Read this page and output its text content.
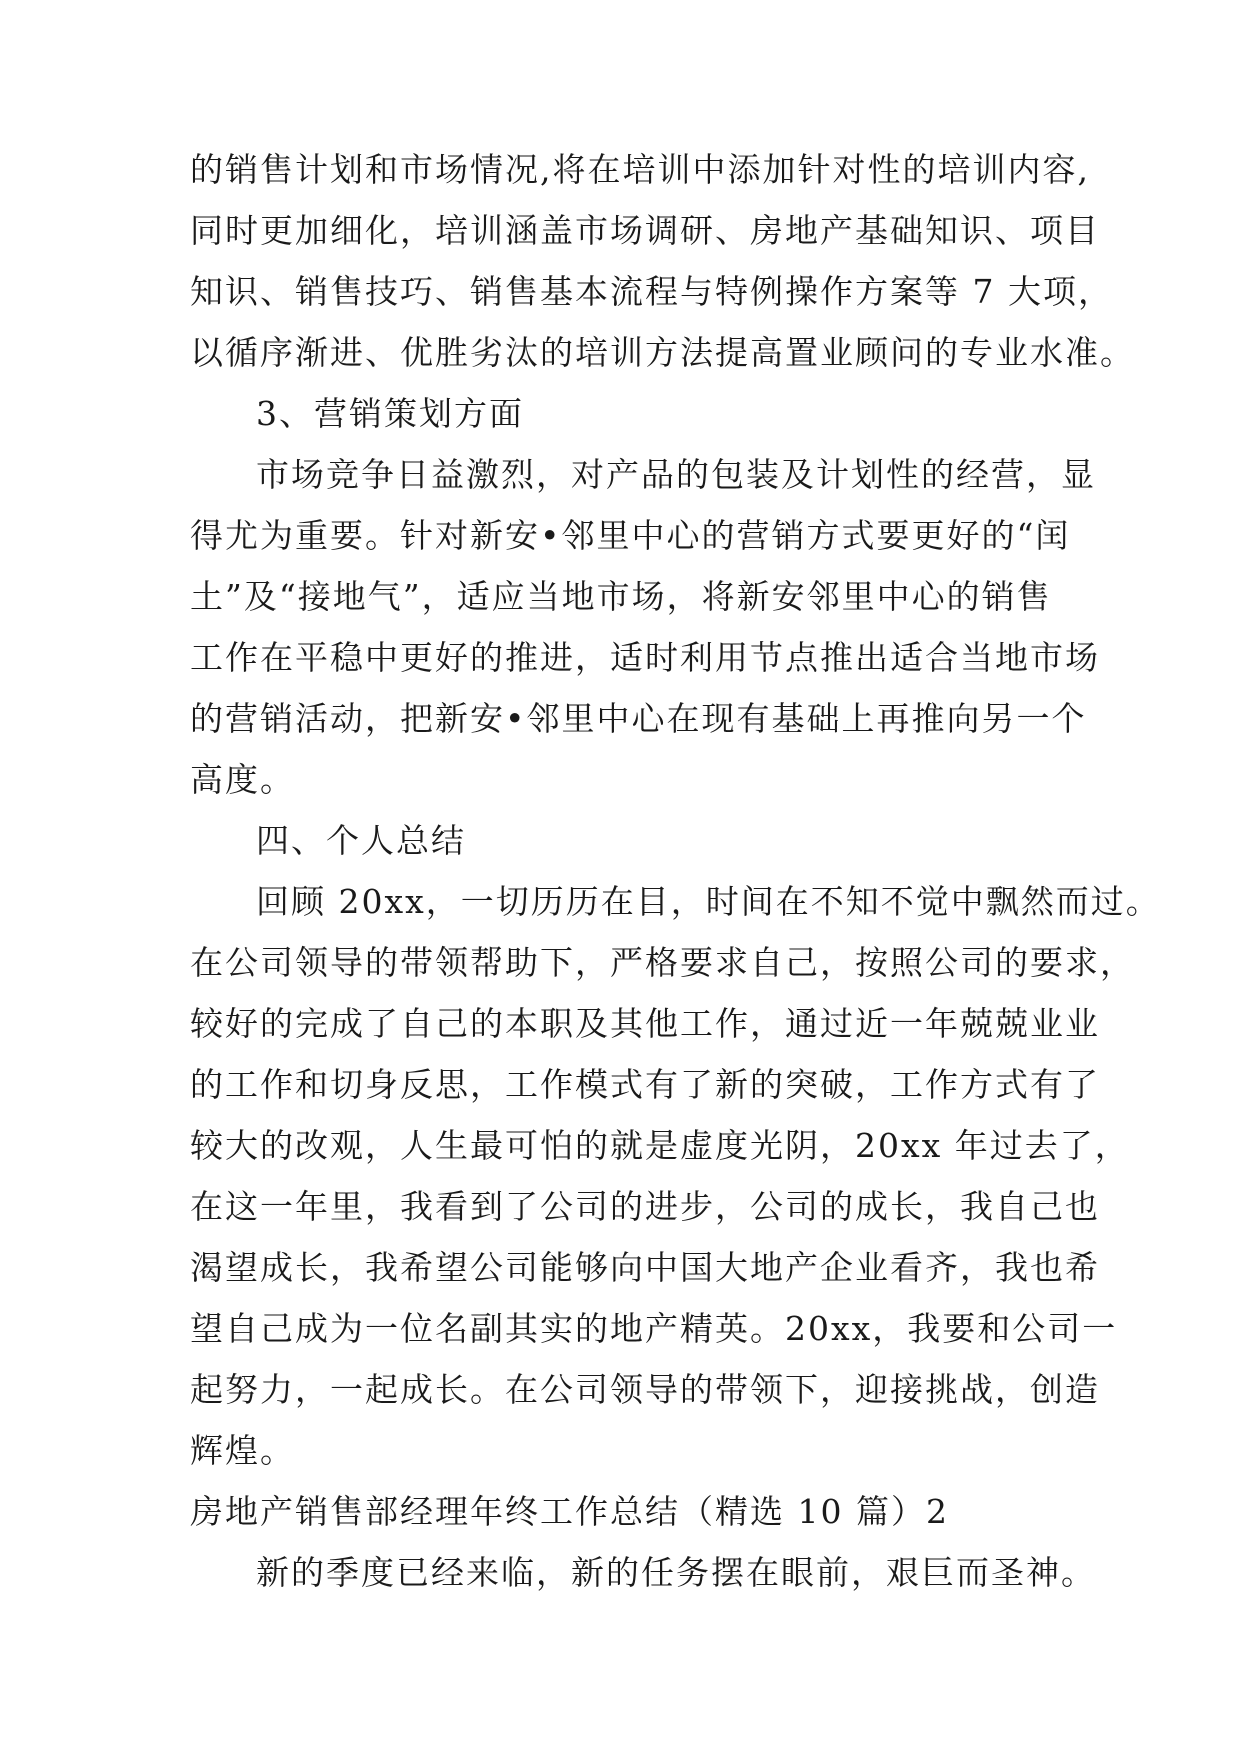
的销售计划和市场情况,将在培训中添加针对性的培训内容,
同时更加细化，培训涵盖市场调研、房地产基础知识、项目
知识、销售技巧、销售基本流程与特例操作方案等 7 大项，
以循序渐进、优胜劣汰的培训方法提高置业顾问的专业水准。
3、营销策划方面
市场竞争日益激烈，对产品的包装及计划性的经营，显
得尤为重要。针对新安•邻里中心的营销方式要更好的“闰
土”及“接地气”，适应当地市场，将新安邻里中心的销售
工作在平稳中更好的推进，适时利用节点推出适合当地市场
的营销活动，把新安•邻里中心在现有基础上再推向另一个
高度。
四、个人总结
回顾 20xx，一切历历在目，时间在不知不觉中飘然而过。
在公司领导的带领帮助下，严格要求自己，按照公司的要求，
较好的完成了自己的本职及其他工作，通过近一年兢兢业业
的工作和切身反思，工作模式有了新的突破，工作方式有了
较大的改观，人生最可怕的就是虚度光阴，20xx 年过去了，
在这一年里，我看到了公司的进步，公司的成长，我自己也
渴望成长，我希望公司能够向中国大地产企业看齐，我也希
望自己成为一位名副其实的地产精英。20xx，我要和公司一
起努力，一起成长。在公司领导的带领下，迎接挑战，创造
辉煌。
房地产销售部经理年终工作总结（精选 10 篇）2
新的季度已经来临，新的任务摆在眼前，艰巨而圣神。
